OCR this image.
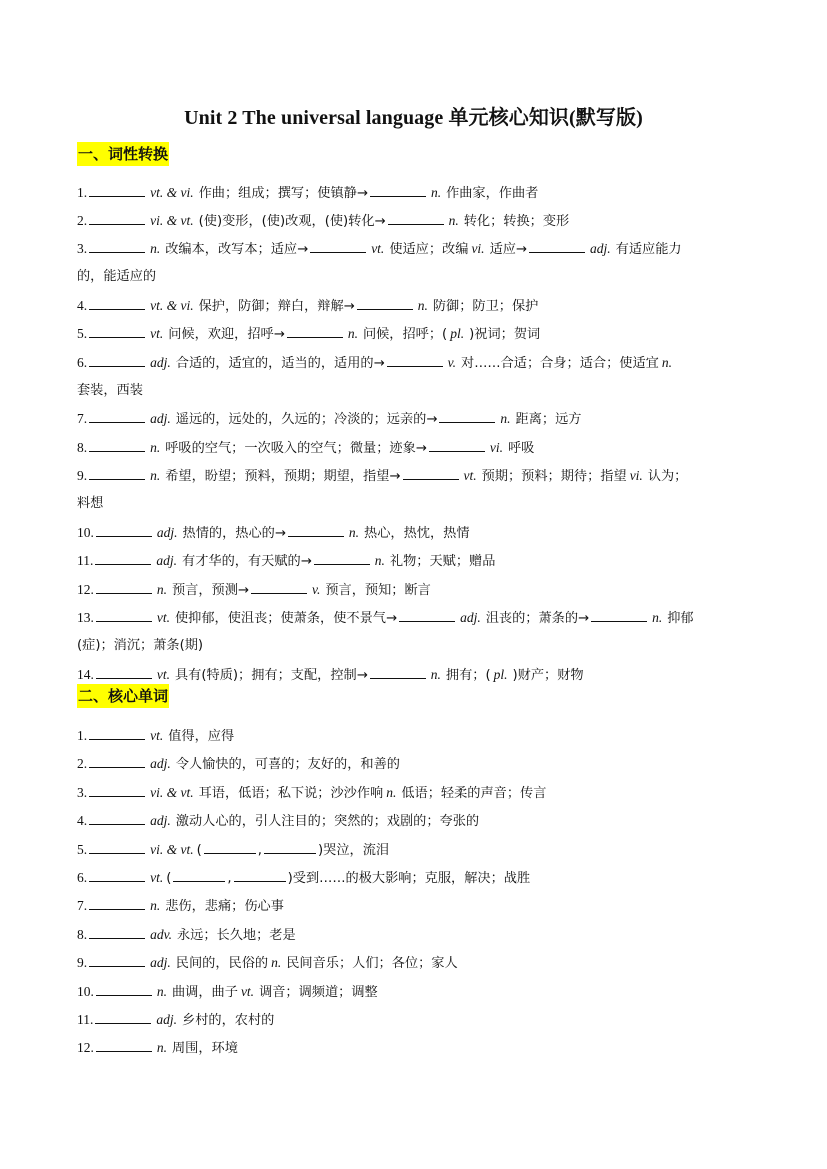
Unit 2 The universal language 单元核心知识(默写版)
一、词性转换
1.	vt. & vi. 作曲；组成；撰写；使镇静→	n. 作曲家，作曲者
2.	vi. & vt. (使)变形，(使)改观，(使)转化→	n. 转化；转换；变形
3.	n. 改编本，改写本；适应→	vt. 使适应；改编 vi. 适应→	adj. 有适应能力
的，能适应的
4.	vt. & vi. 保护，防御；辩白，辩解→	n. 防御；防卫；保护
5.	vt. 问候，欢迎，招呼→	n. 问候，招呼；( pl. )祝词；贺词
6.	adj. 合适的，适宜的，适当的，适用的→	v. 对……合适；合身；适合；使适宜 n.
套装，西装
7.	adj. 遥远的，远处的，久远的；冷淡的；远亲的→	n. 距离；远方
8.	n. 呼吸的空气；一次吸入的空气；微量；迹象→	vi. 呼吸
9.	n. 希望，盼望；预料，预期；期望，指望→	vt. 预期；预料；期待；指望 vi. 认为；
料想
10.	adj. 热情的，热心的→	n. 热心，热忱，热情
11.	adj. 有才华的，有天赋的→	n. 礼物；天赋；赠品
12.	n. 预言，预测→	v. 预言，预知；断言
13.	vt. 使抑郁，使沮丧；使萧条，使不景气→	adj. 沮丧的；萧条的→	n. 抑郁
(症)；消沉；萧条(期)
14.	vt. 具有(特质)；拥有；支配，控制→	n. 拥有；( pl. )财产；财物
二、核心单词
1.	vt. 值得，应得
2.	adj. 令人愉快的，可喜的；友好的，和善的
3.	vi. & vt. 耳语，低语；私下说；沙沙作响 n. 低语；轻柔的声音；传言
4.	adj. 激动人心的，引人注目的；突然的；戏剧的；夸张的
5.	vi. & vt. (	,	)哭泣，流泪
6.	vt. (	,	)受到……的极大影响；克服，解决；战胜
7.	n. 悲伤，悲痛；伤心事
8.	adv. 永远；长久地；老是
9.	adj. 民间的，民俗的 n. 民间音乐；人们；各位；家人
10.	n. 曲调，曲子 vt. 调音；调频道；调整
11.	adj. 乡村的，农村的
12.	n. 周围，环境
